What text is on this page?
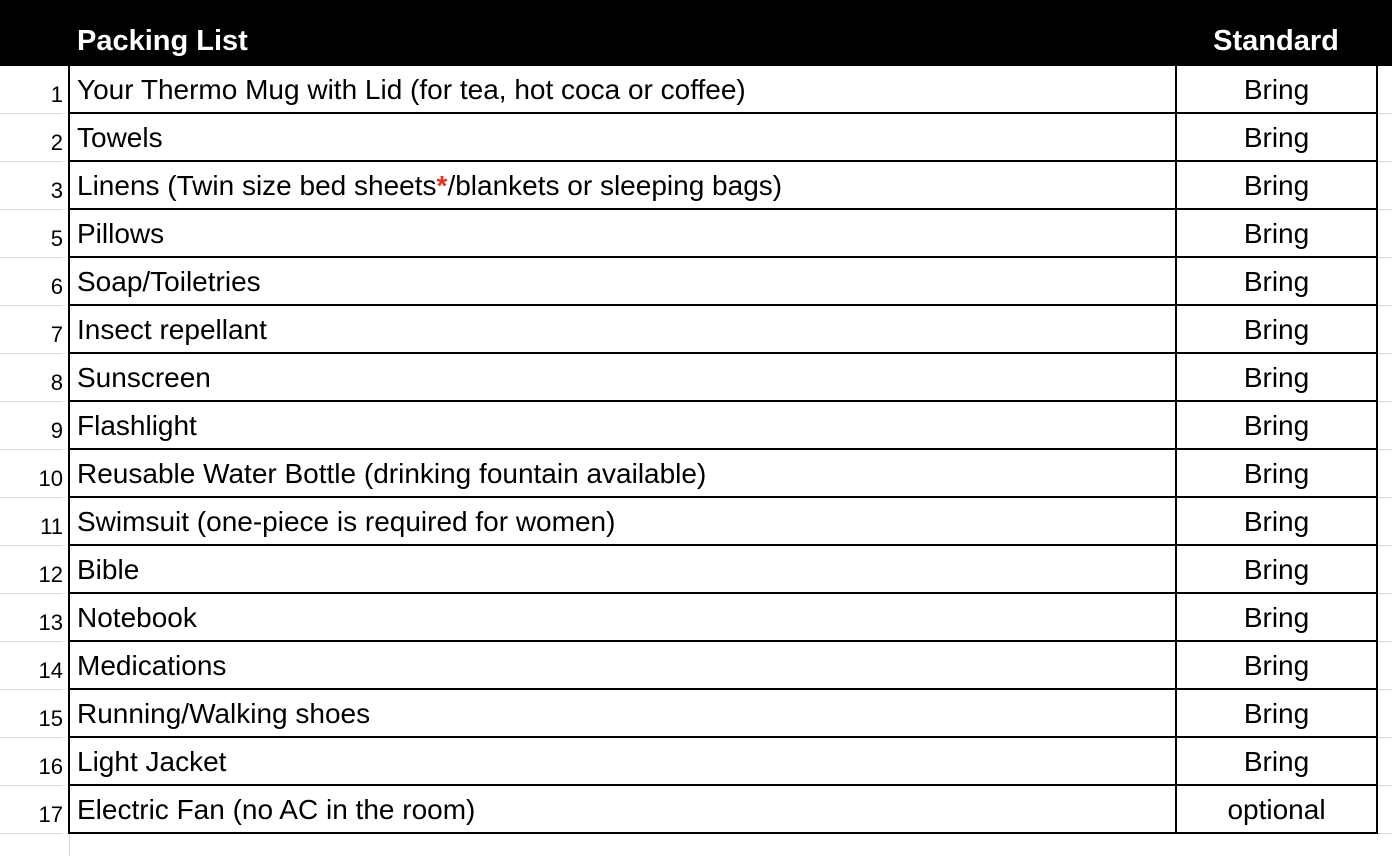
Packing List	Standard
1 Your Thermo Mug with Lid (for tea, hot coca or coffee)	Bring
2 Towels	Bring
3 Linens (Twin size bed sheets*/blankets or sleeping bags)	Bring
5 Pillows	Bring
6 Soap/Toiletries	Bring
7 Insect repellant	Bring
8 Sunscreen	Bring
9 Flashlight	Bring
10 Reusable Water Bottle (drinking fountain available)	Bring
11 Swimsuit (one-piece is required for women)	Bring
12 Bible	Bring
13 Notebook	Bring
14 Medications	Bring
15 Running/Walking shoes	Bring
16 Light Jacket	Bring
17 Electric Fan (no AC in the room)	optional
